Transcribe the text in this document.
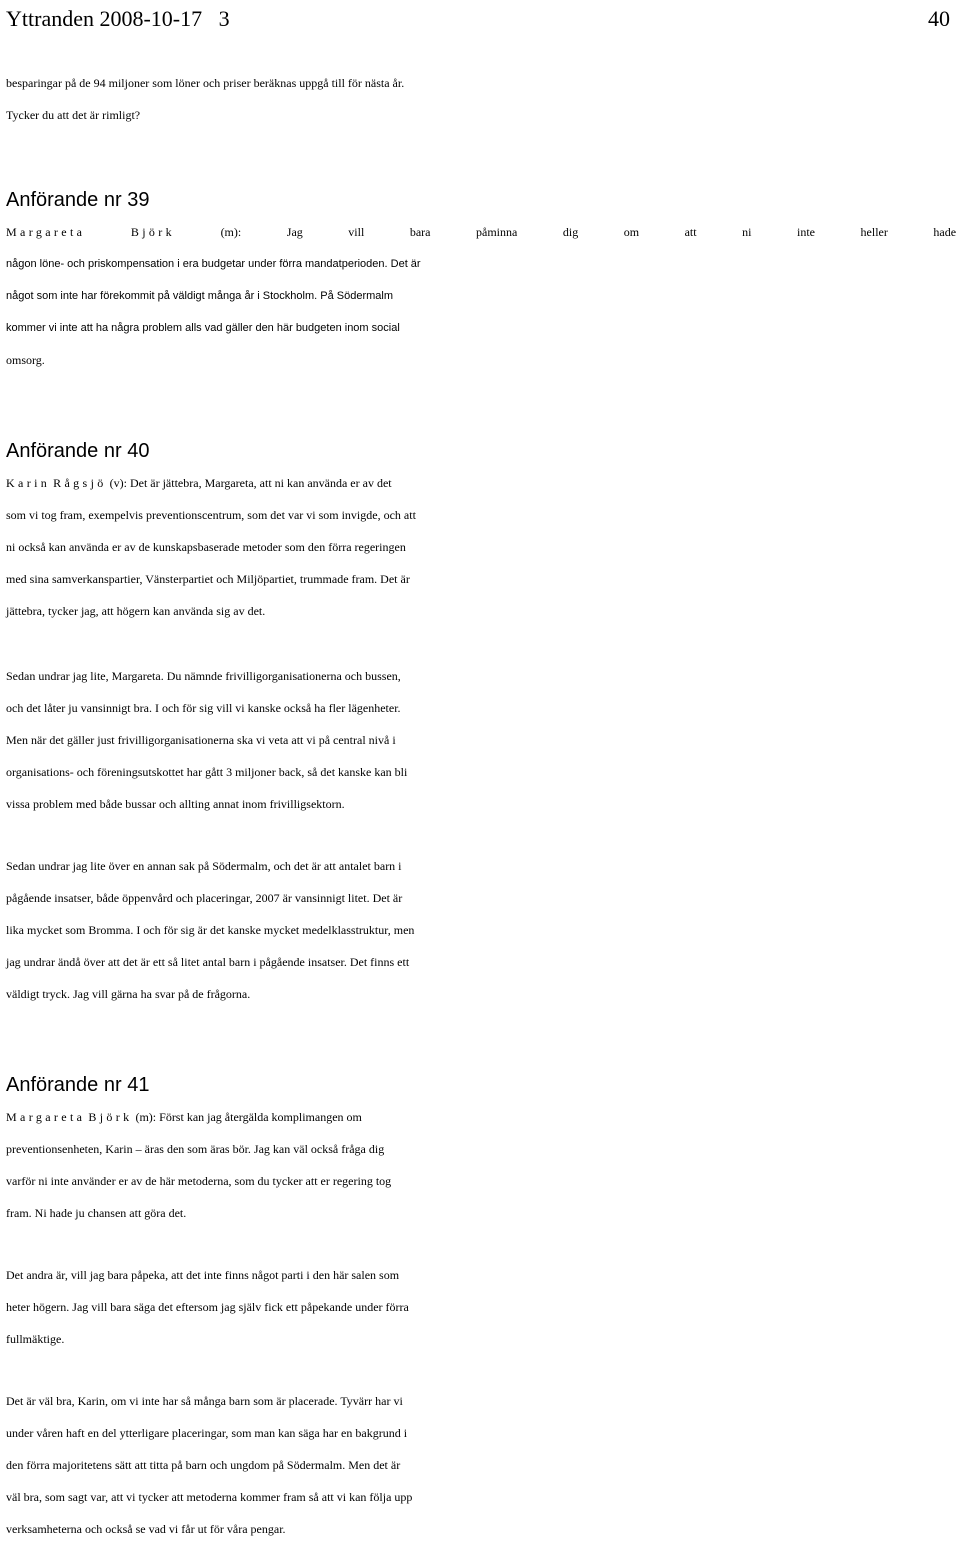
Yttranden 2008-10-17 3	40
besparingar på de 94 miljoner som löner och priser beräknas uppgå till för nästa år.
Tycker du att det är rimligt?
Anförande nr 39
Margareta	Björk	(m):	Jag vill bara påminna dig om att ni inte heller hade
någon löne- och priskompensation i era budgetar under förra mandatperioden. Det är
något som inte har förekommit på väldigt många år i Stockholm. På Södermalm
kommer vi inte att ha några problem alls vad gäller den här budgeten inom social
omsorg.
Anförande nr 40
Karin Rågsjö (v): Det är jättebra, Margareta, att ni kan använda er av det
som vi tog fram, exempelvis preventionscentrum, som det var vi som invigde, och att
ni också kan använda er av de kunskapsbaserade metoder som den förra regeringen
med sina samverkanspartier, Vänsterpartiet och Miljöpartiet, trummade fram. Det är
jättebra, tycker jag, att högern kan använda sig av det.
Sedan undrar jag lite, Margareta. Du nämnde frivilligorganisationerna och bussen,
och det låter ju vansinnigt bra. I och för sig vill vi kanske också ha fler lägenheter.
Men när det gäller just frivilligorganisationerna ska vi veta att vi på central nivå i
organisations- och föreningsutskottet har gått 3 miljoner back, så det kanske kan bli
vissa problem med både bussar och allting annat inom frivilligsektorn.
Sedan undrar jag lite över en annan sak på Södermalm, och det är att antalet barn i
pågående insatser, både öppenvård och placeringar, 2007 är vansinnigt litet. Det är
lika mycket som Bromma. I och för sig är det kanske mycket medelklasstruktur, men
jag undrar ändå över att det är ett så litet antal barn i pågående insatser. Det finns ett
väldigt tryck. Jag vill gärna ha svar på de frågorna.
Anförande nr 41
Margareta Björk (m): Först kan jag återgälda komplimangen om
preventionsenheten, Karin – äras den som äras bör. Jag kan väl också fråga dig
varför ni inte använder er av de här metoderna, som du tycker att er regering tog
fram. Ni hade ju chansen att göra det.
Det andra är, vill jag bara påpeka, att det inte finns något parti i den här salen som
heter högern. Jag vill bara säga det eftersom jag själv fick ett påpekande under förra
fullmäktige.
Det är väl bra, Karin, om vi inte har så många barn som är placerade. Tyvärr har vi
under våren haft en del ytterligare placeringar, som man kan säga har en bakgrund i
den förra majoritetens sätt att titta på barn och ungdom på Södermalm. Men det är
väl bra, som sagt var, att vi tycker att metoderna kommer fram så att vi kan följa upp
verksamheterna och också se vad vi får ut för våra pengar.
